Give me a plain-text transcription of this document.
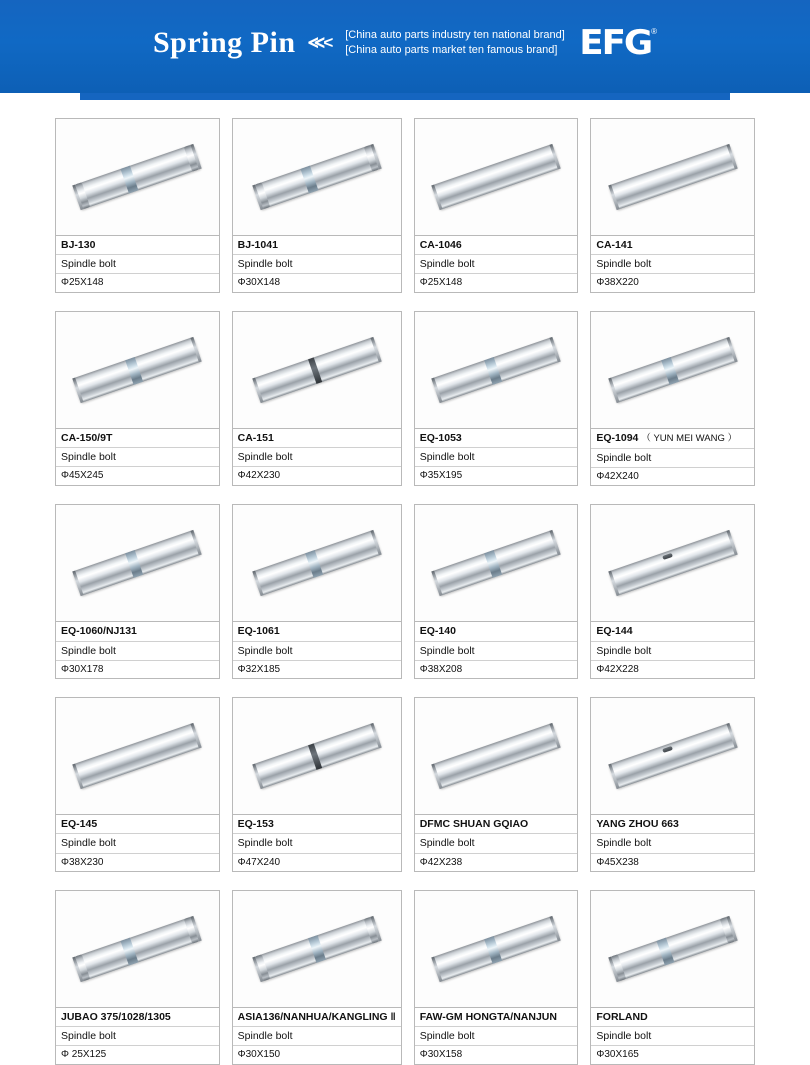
Spring Pin ≪< [China auto parts industry ten national brand]
[China auto parts market ten famous brand] EFG ®
BJ-130
Spindle bolt
Φ25X148
BJ-1041
Spindle bolt
Φ30X148
CA-1046
Spindle bolt
Φ25X148
CA-141
Spindle bolt
Φ38X220
CA-150/9T
Spindle bolt
Φ45X245
CA-151
Spindle bolt
Φ42X230
EQ-1053
Spindle bolt
Φ35X195
EQ-1094 （ YUN MEI WANG ）
Spindle bolt
Φ42X240
EQ-1060/NJ131
Spindle bolt
Φ30X178
EQ-1061
Spindle bolt
Φ32X185
EQ-140
Spindle bolt
Φ38X208
EQ-144
Spindle bolt
Φ42X228
EQ-145
Spindle bolt
Φ38X230
EQ-153
Spindle bolt
Φ47X240
DFMC SHUAN GQIAO
Spindle bolt
Φ42X238
YANG ZHOU 663
Spindle bolt
Φ45X238
JUBAO 375/1028/1305
Spindle bolt
Φ 25X125
ASIA136/NANHUA/KANGLING ‖
Spindle bolt
Φ30X150
FAW-GM HONGTA/NANJUN
Spindle bolt
Φ30X158
FORLAND
Spindle bolt
Φ30X165
